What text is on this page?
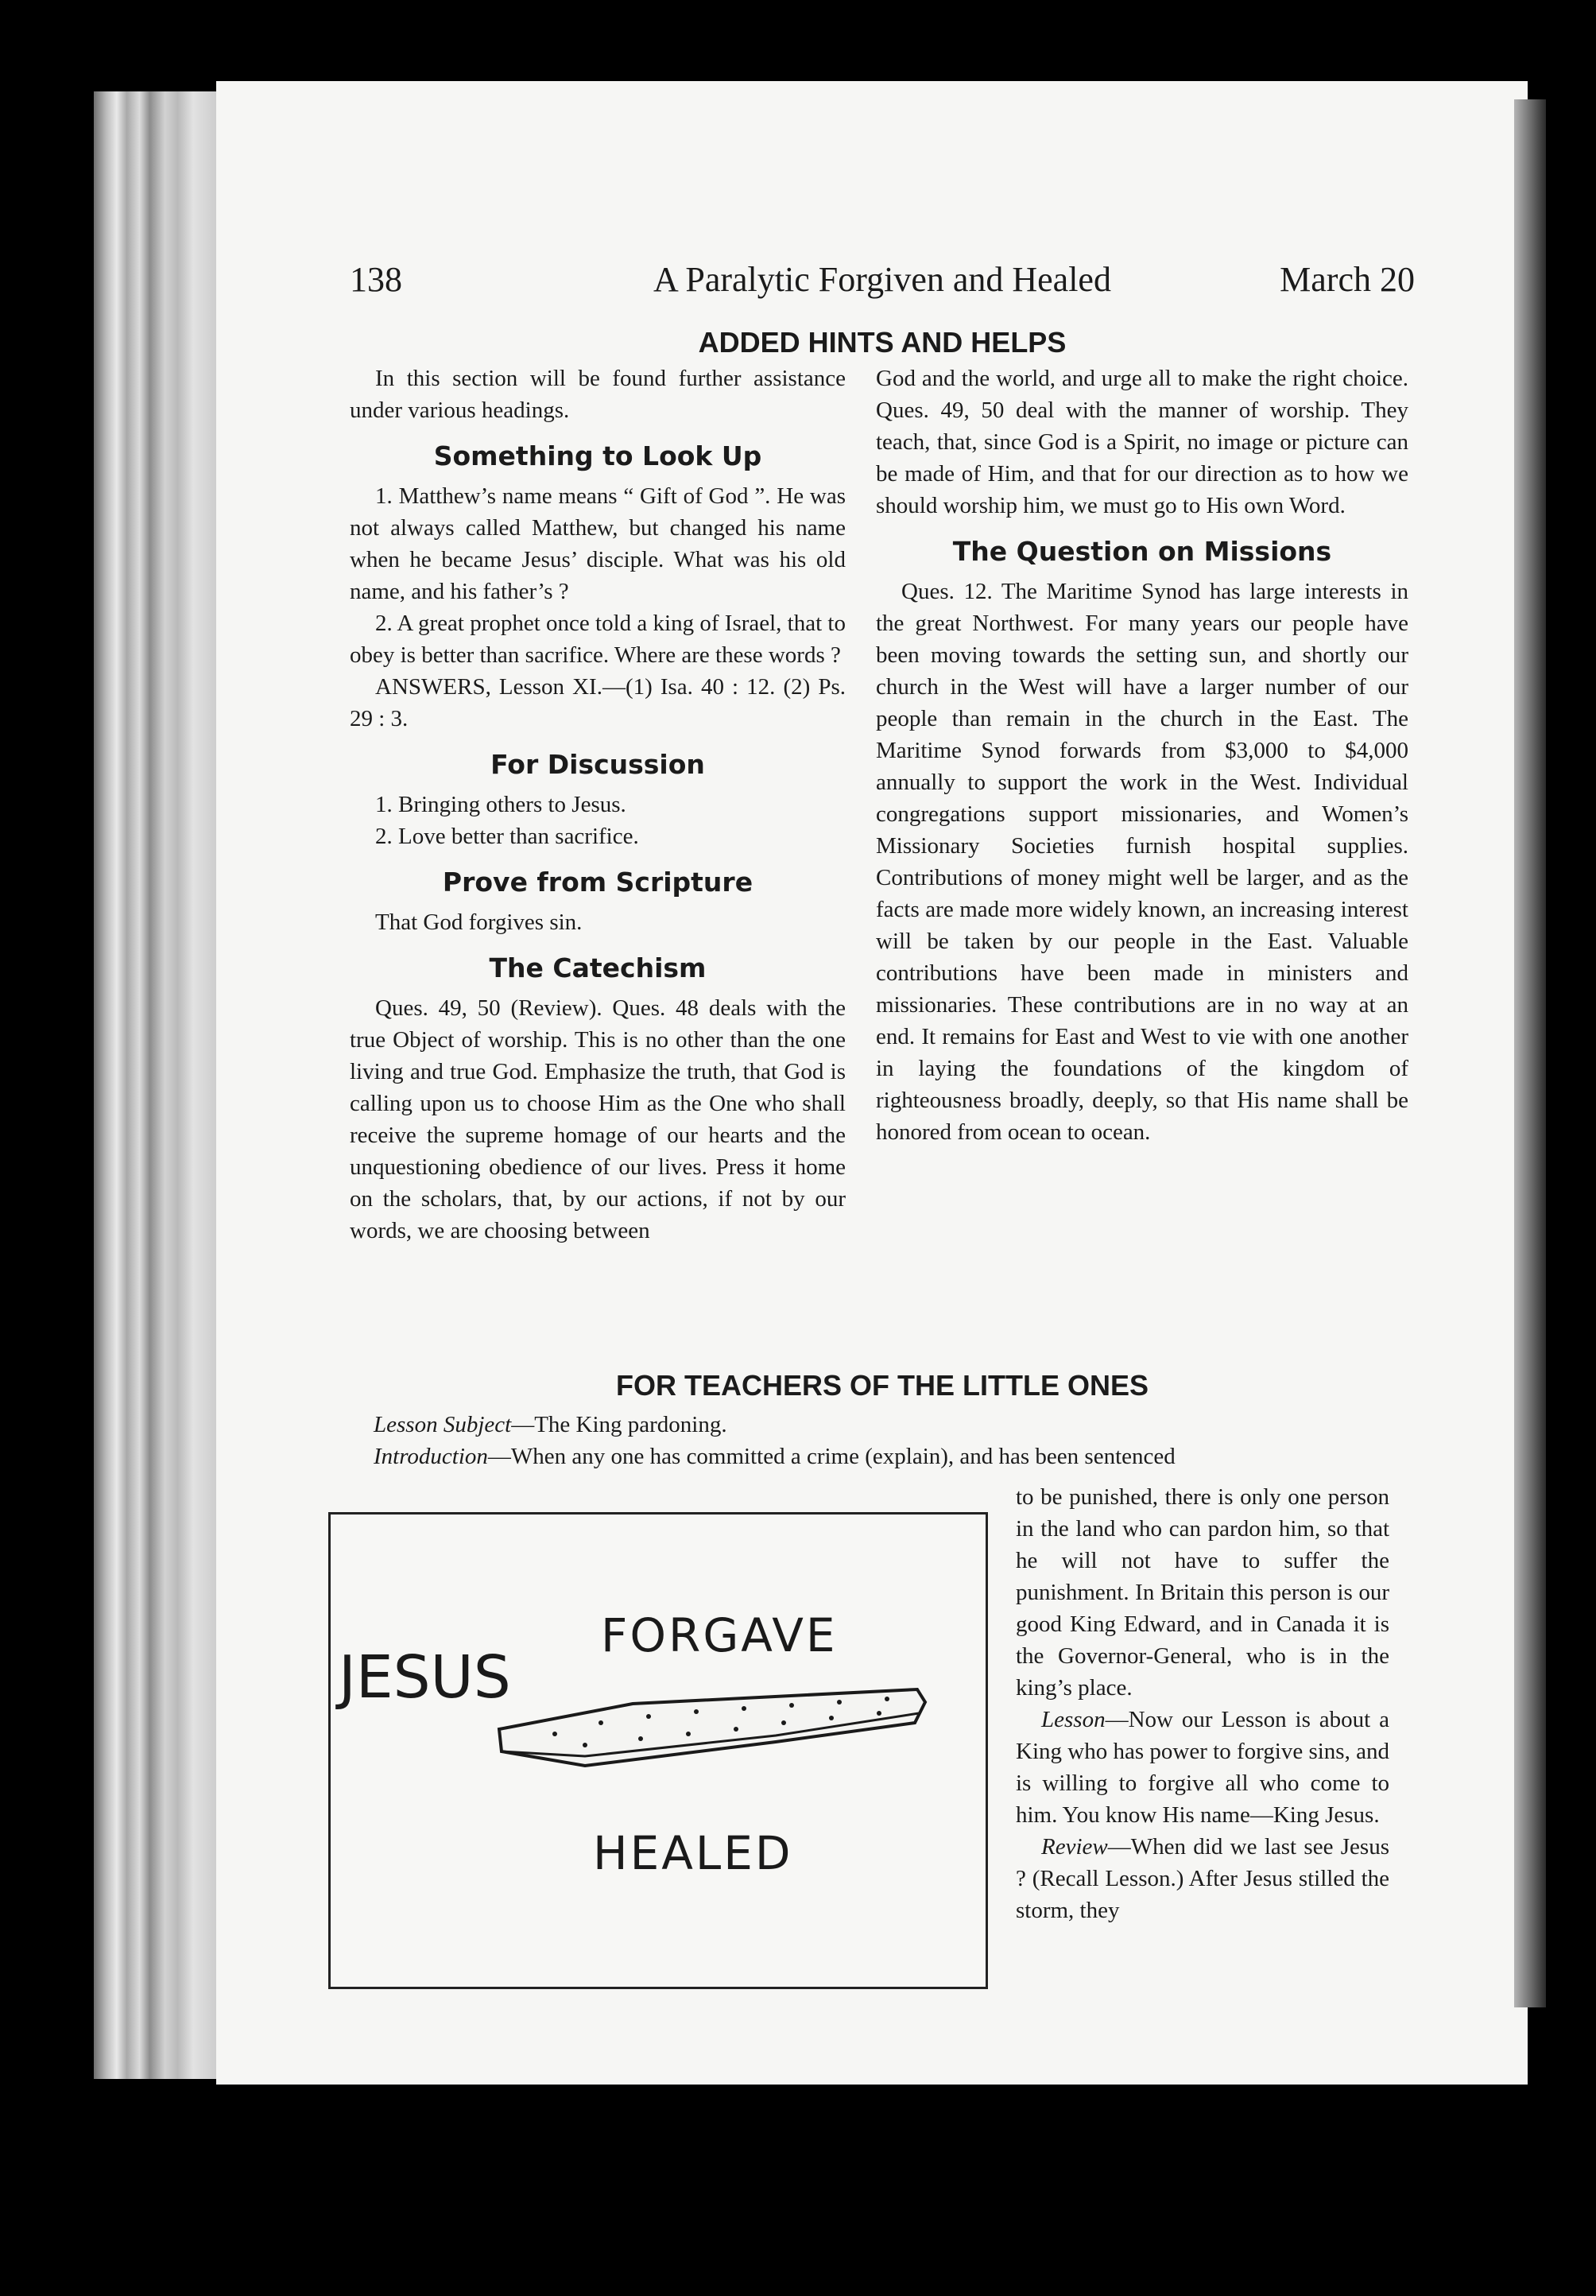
138	A Paralytic Forgiven and Healed	March 20
ADDED HINTS AND HELPS

In this section will be found further assistance under various headings.

Something to Look Up

1. Matthew’s name means “ Gift of God ”. He was not always called Matthew, but changed his name when he became Jesus’ disciple. What was his old name, and his father’s ?

2. A great prophet once told a king of Israel, that to obey is better than sacrifice. Where are these words ?

ANSWERS, Lesson XI.—(1) Isa. 40 : 12. (2) Ps. 29 : 3.

For Discussion
1. Bringing others to Jesus.
2. Love better than sacrifice.
Prove from Scripture

That God forgives sin.

The Catechism

Ques. 49, 50 (Review). Ques. 48 deals with the true Object of worship. This is no other than the one living and true God. Emphasize the truth, that God is calling upon us to choose Him as the One who shall receive the supreme homage of our hearts and the unquestioning obedience of our lives. Press it home on the scholars, that, by our actions, if not by our words, we are choosing between

God and the world, and urge all to make the right choice. Ques. 49, 50 deal with the manner of worship. They teach, that, since God is a Spirit, no image or picture can be made of Him, and that for our direction as to how we should worship him, we must go to His own Word.

The Question on Missions

Ques. 12. The Maritime Synod has large interests in the great Northwest. For many years our people have been moving towards the setting sun, and shortly our church in the West will have a larger number of our people than remain in the church in the East. The Maritime Synod forwards from $3,000 to $4,000 annually to support the work in the West. Individual congregations support missionaries, and Women’s Missionary Societies furnish hospital supplies. Contributions of money might well be larger, and as the facts are made more widely known, an increasing interest will be taken by our people in the East. Valuable contributions have been made in ministers and missionaries. These contributions are in no way at an end. It remains for East and West to vie with one another in laying the foundations of the kingdom of righteousness broadly, deeply, so that His name shall be honored from ocean to ocean.

FOR TEACHERS OF THE LITTLE ONES

Lesson Subject—The King pardoning.

Introduction—When any one has committed a crime (explain), and has been sentenced

to be punished, there is only one person in the land who can pardon him, so that he will not have to suffer the punishment. In Britain this person is our good King Edward, and in Canada it is the Governor-General, who is in the king’s place.

Lesson—Now our Lesson is about a King who has power to forgive sins, and is willing to forgive all who come to him. You know His name—King Jesus.

Review—When did we last see Jesus ? (Recall Lesson.) After Jesus stilled the storm, they

JESUS
FORGAVE
HEALED
